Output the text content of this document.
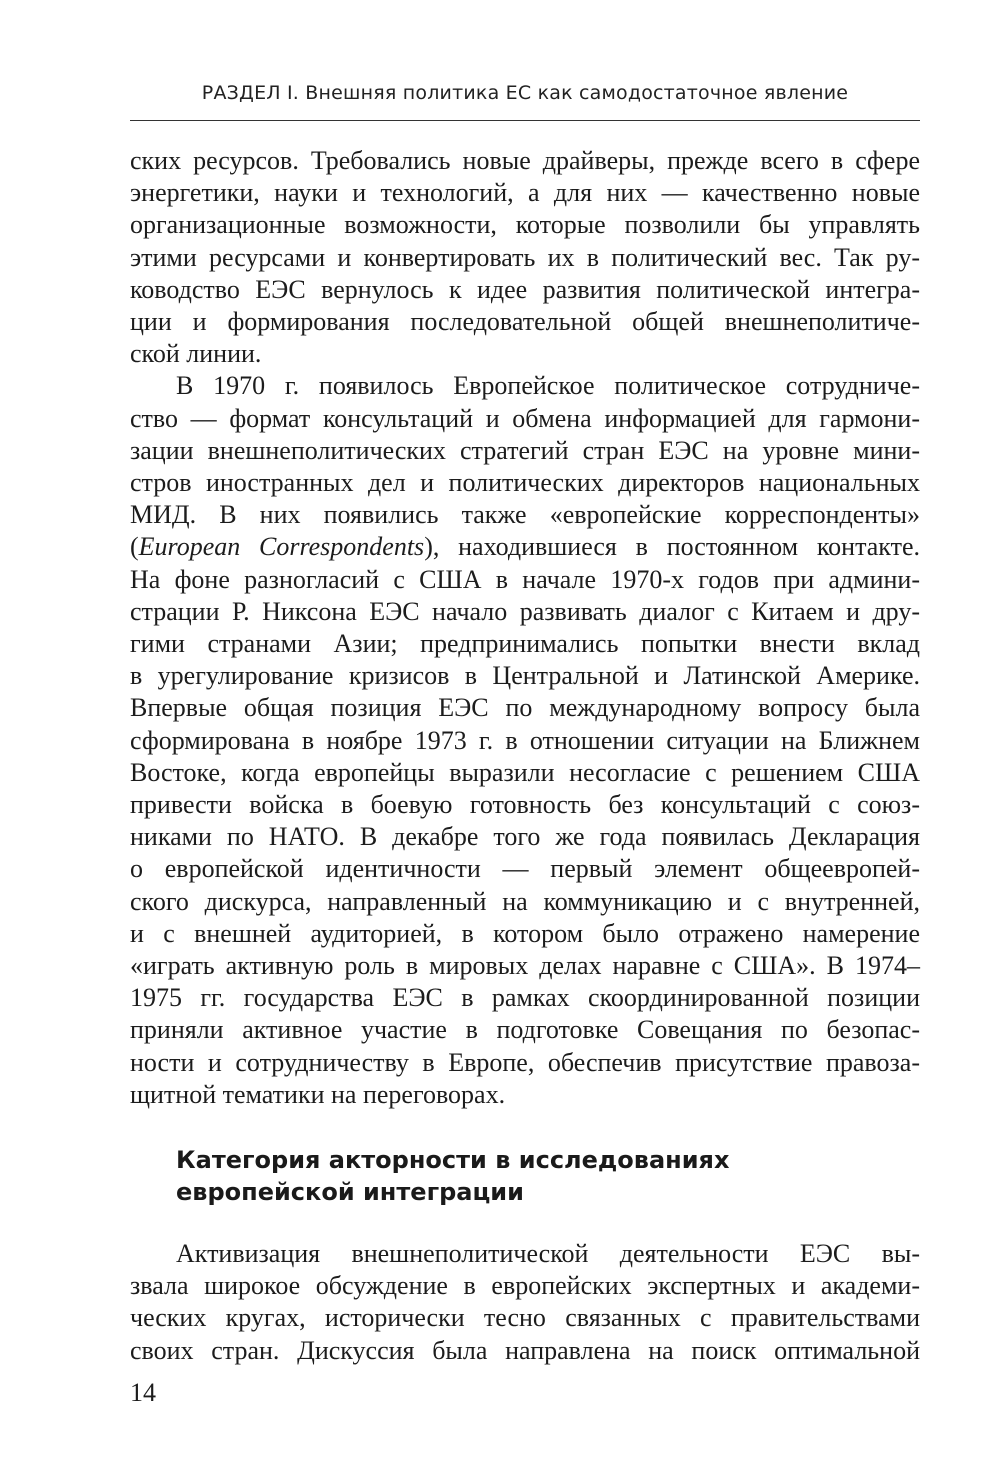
РАЗДЕЛ I. Внешняя политика ЕС как самодостаточное явление
ских ресурсов. Требовались новые драйверы, прежде всего в сфере
энергетики, науки и технологий, а для них — качественно новые
организационные возможности, которые позволили бы управлять
этими ресурсами и конвертировать их в политический вес. Так ру-
ководство ЕЭС вернулось к идее развития политической интегра-
ции и формирования последовательной общей внешнеполитиче-
ской линии.
В 1970 г. появилось Европейское политическое сотрудниче-
ство — формат консультаций и обмена информацией для гармони-
зации внешнеполитических стратегий стран ЕЭС на уровне мини-
стров иностранных дел и политических директоров национальных
МИД. В них появились также «европейские корреспонденты»
(European Correspondents), находившиеся в постоянном контакте.
На фоне разногласий с США в начале 1970-х годов при админи-
страции Р. Никсона ЕЭС начало развивать диалог с Китаем и дру-
гими странами Азии; предпринимались попытки внести вклад
в урегулирование кризисов в Центральной и Латинской Америке.
Впервые общая позиция ЕЭС по международному вопросу была
сформирована в ноябре 1973 г. в отношении ситуации на Ближнем
Востоке, когда европейцы выразили несогласие с решением США
привести войска в боевую готовность без консультаций с союз-
никами по НАТО. В декабре того же года появилась Декларация
о европейской идентичности — первый элемент общеевропей-
ского дискурса, направленный на коммуникацию и с внутренней,
и с внешней аудиторией, в котором было отражено намерение
«играть активную роль в мировых делах наравне с США». В 1974–
1975 гг. государства ЕЭС в рамках скоординированной позиции
приняли активное участие в подготовке Совещания по безопас-
ности и сотрудничеству в Европе, обеспечив присутствие правоза-
щитной тематики на переговорах.
Категория акторности в исследованиях
европейской интеграции
Активизация внешнеполитической деятельности ЕЭС вы-
звала широкое обсуждение в европейских экспертных и академи-
ческих кругах, исторически тесно связанных с правительствами
своих стран. Дискуссия была направлена на поиск оптимальной
14
